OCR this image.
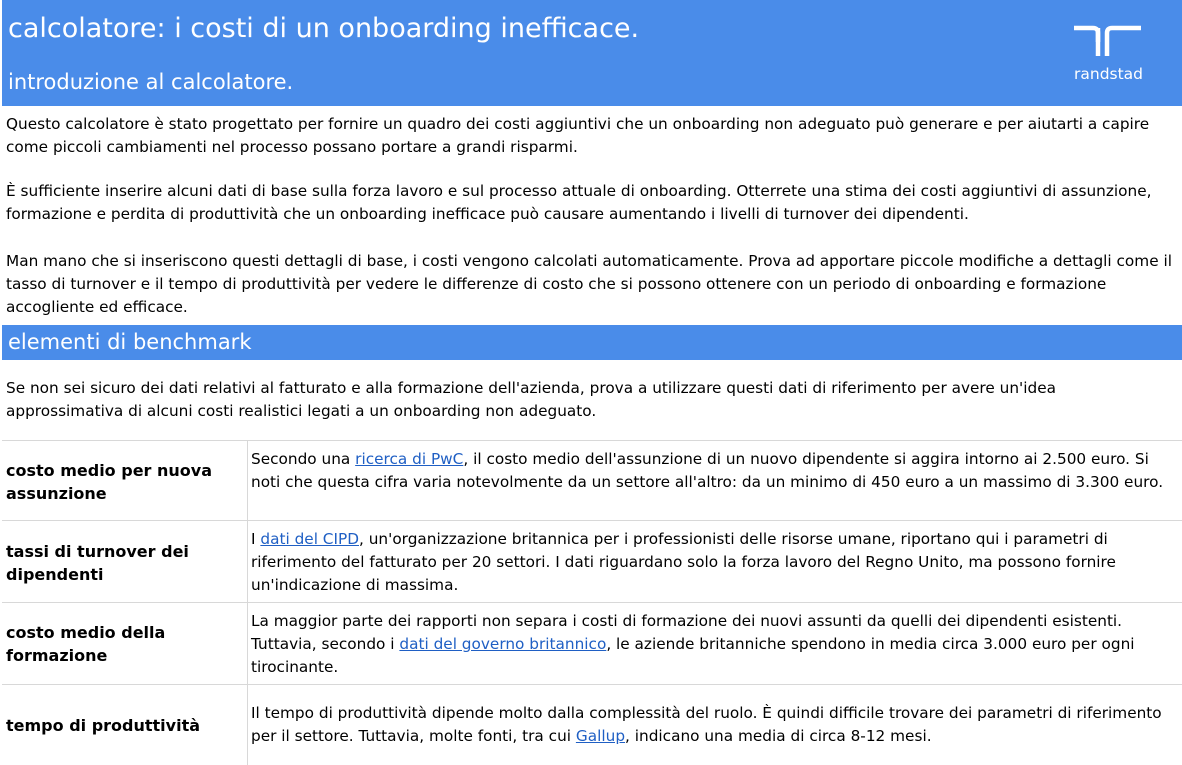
calcolatore: i costi di un onboarding inefficace.
introduzione al calcolatore.	randstad
Questo calcolatore è stato progettato per fornire un quadro dei costi aggiuntivi che un onboarding non adeguato può generare e per aiutarti a capire come piccoli cambiamenti nel processo possano portare a grandi risparmi.
È sufficiente inserire alcuni dati di base sulla forza lavoro e sul processo attuale di onboarding. Otterrete una stima dei costi aggiuntivi di assunzione, formazione e perdita di produttività che un onboarding inefficace può causare aumentando i livelli di turnover dei dipendenti.
Man mano che si inseriscono questi dettagli di base, i costi vengono calcolati automaticamente. Prova ad apportare piccole modifiche a dettagli come il tasso di turnover e il tempo di produttività per vedere le differenze di costo che si possono ottenere con un periodo di onboarding e formazione accogliente ed efficace.
elementi di benchmark
Se non sei sicuro dei dati relativi al fatturato e alla formazione dell'azienda, prova a utilizzare questi dati di riferimento per avere un'idea approssimativa di alcuni costi realistici legati a un onboarding non adeguato.
costo medio per nuova assunzione
Secondo una ricerca di PwC, il costo medio dell'assunzione di un nuovo dipendente si aggira intorno ai 2.500 euro. Si noti che questa cifra varia notevolmente da un settore all'altro: da un minimo di 450 euro a un massimo di 3.300 euro.
tassi di turnover dei dipendenti
I dati del CIPD, un'organizzazione britannica per i professionisti delle risorse umane, riportano qui i parametri di riferimento del fatturato per 20 settori. I dati riguardano solo la forza lavoro del Regno Unito, ma possono fornire un'indicazione di massima.
costo medio della formazione
La maggior parte dei rapporti non separa i costi di formazione dei nuovi assunti da quelli dei dipendenti esistenti. Tuttavia, secondo i dati del governo britannico, le aziende britanniche spendono in media circa 3.000 euro per ogni tirocinante.
tempo di produttività
Il tempo di produttività dipende molto dalla complessità del ruolo. È quindi difficile trovare dei parametri di riferimento per il settore. Tuttavia, molte fonti, tra cui Gallup, indicano una media di circa 8-12 mesi.
